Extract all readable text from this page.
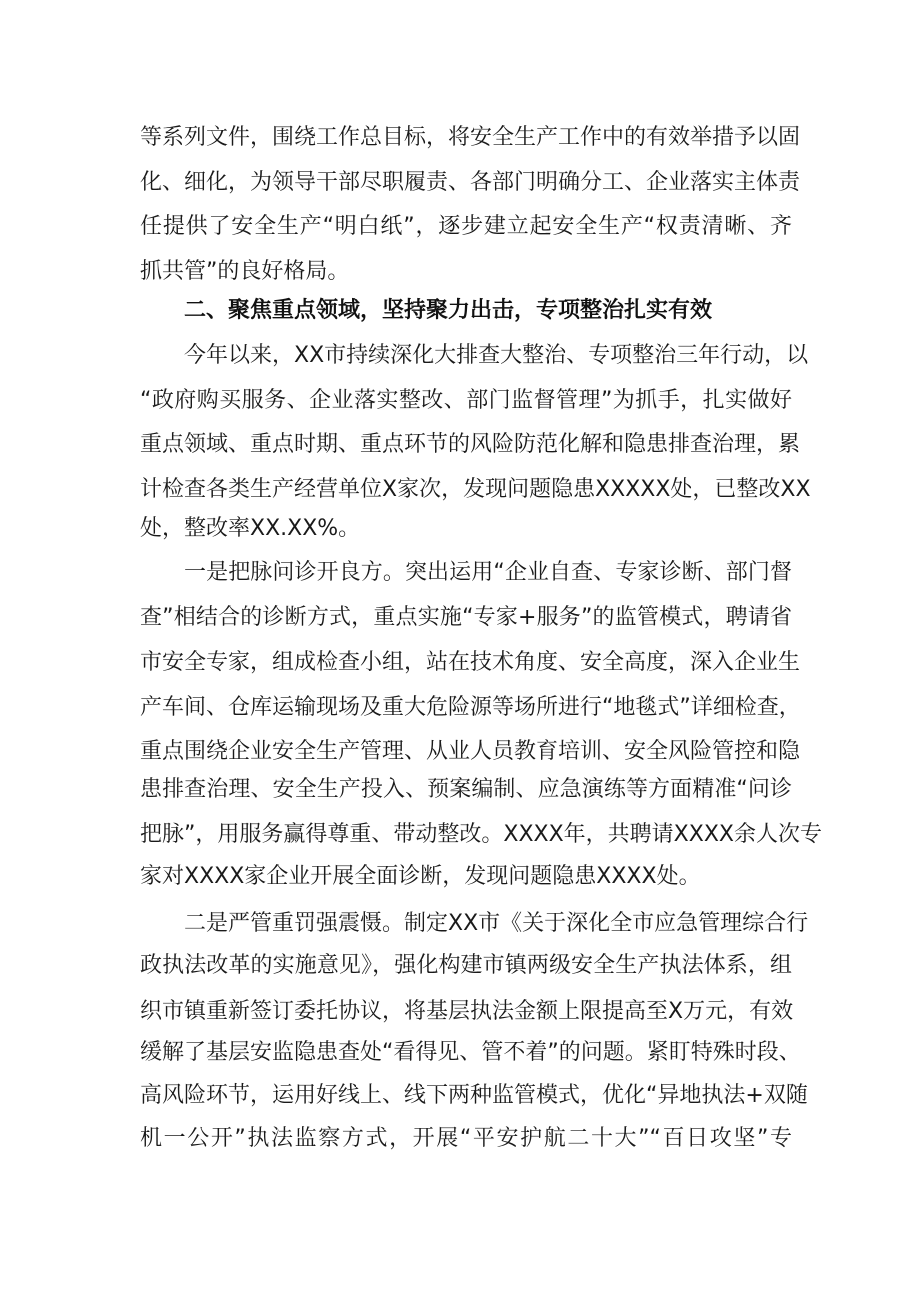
等系列文件，围绕工作总目标，将安全生产工作中的有效举措予以固
化、细化，为领导干部尽职履责、各部门明确分工、企业落实主体责
任提供了安全生产“明白纸”，逐步建立起安全生产“权责清晰、齐
抓共管”的良好格局。
二、聚焦重点领域，坚持聚力出击，专项整治扎实有效
今年以来，XX市持续深化大排查大整治、专项整治三年行动，以
“政府购买服务、企业落实整改、部门监督管理”为抓手，扎实做好
重点领域、重点时期、重点环节的风险防范化解和隐患排查治理，累
计检查各类生产经营单位X家次，发现问题隐患XXXXX处，已整改XX
处，整改率XX.XX%。
一是把脉问诊开良方。突出运用“企业自查、专家诊断、部门督
查”相结合的诊断方式，重点实施“专家+服务”的监管模式，聘请省
市安全专家，组成检查小组，站在技术角度、安全高度，深入企业生
产车间、仓库运输现场及重大危险源等场所进行“地毯式”详细检查，
重点围绕企业安全生产管理、从业人员教育培训、安全风险管控和隐
患排查治理、安全生产投入、预案编制、应急演练等方面精准“问诊
把脉”，用服务赢得尊重、带动整改。XXXX年，共聘请XXXX余人次专
家对XXXX家企业开展全面诊断，发现问题隐患XXXX处。
二是严管重罚强震慑。制定XX市《关于深化全市应急管理综合行
政执法改革的实施意见》，强化构建市镇两级安全生产执法体系，组
织市镇重新签订委托协议，将基层执法金额上限提高至X万元，有效
缓解了基层安监隐患查处“看得见、管不着”的问题。紧盯特殊时段、
高风险环节，运用好线上、线下两种监管模式，优化“异地执法+双随
机一公开”执法监察方式，开展“平安护航二十大”“百日攻坚”专
